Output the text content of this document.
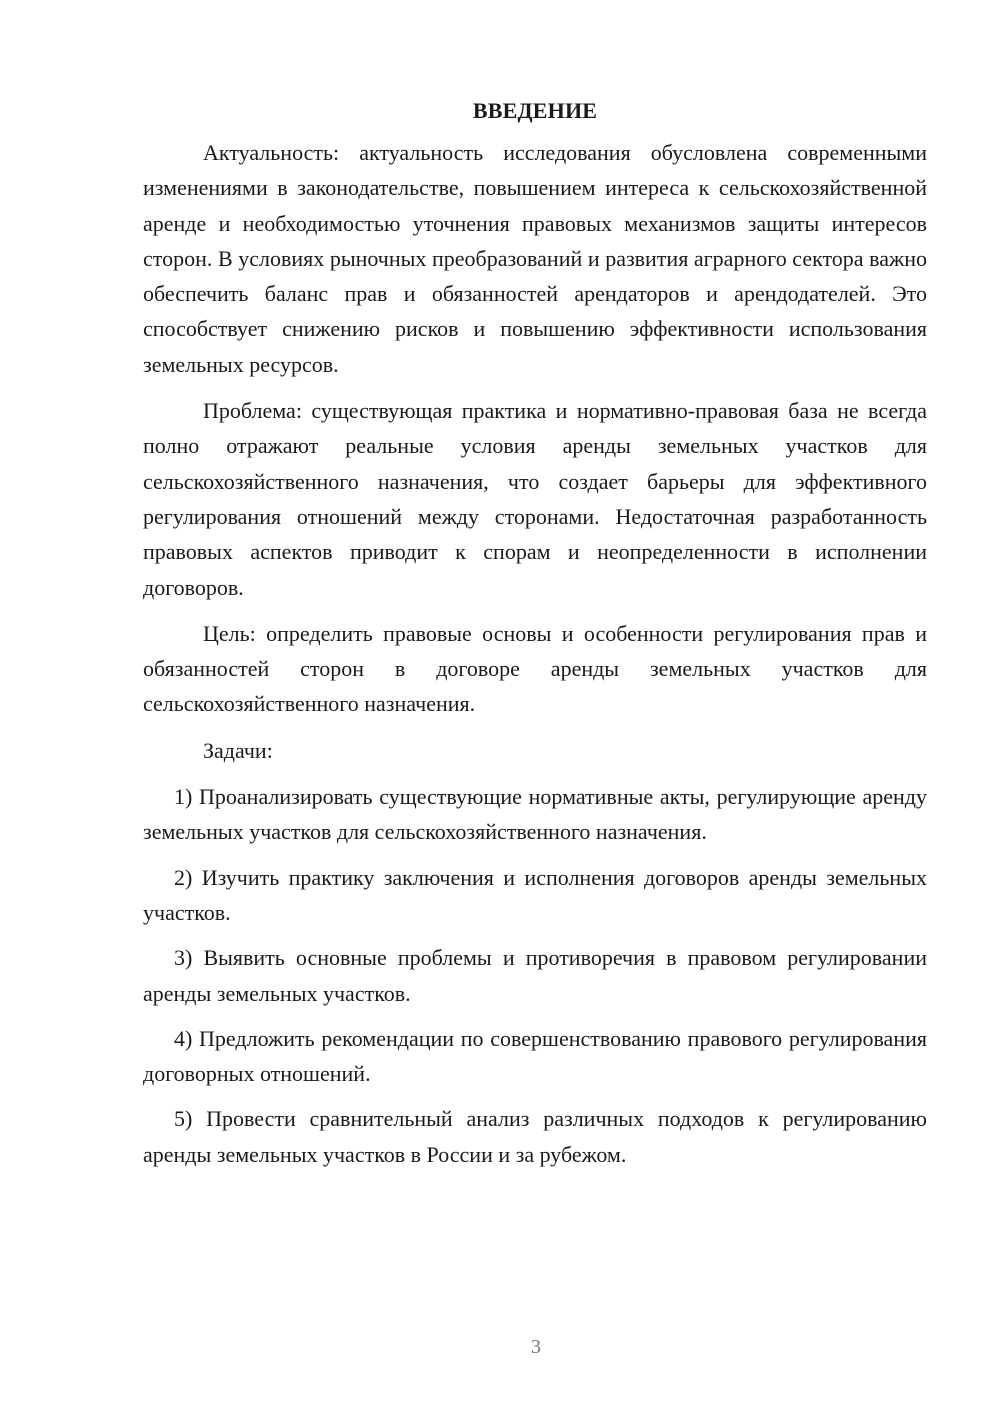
ВВЕДЕНИЕ

Актуальность: актуальность исследования обусловлена современными изменениями в законодательстве, повышением интереса к сельскохозяйственной аренде и необходимостью уточнения правовых механизмов защиты интересов сторон. В условиях рыночных преобразований и развития аграрного сектора важно обеспечить баланс прав и обязанностей арендаторов и арендодателей. Это способствует снижению рисков и повышению эффективности использования земельных ресурсов.

Проблема: существующая практика и нормативно-правовая база не всегда полно отражают реальные условия аренды земельных участков для сельскохозяйственного назначения, что создает барьеры для эффективного регулирования отношений между сторонами. Недостаточная разработанность правовых аспектов приводит к спорам и неопределенности в исполнении договоров.

Цель: определить правовые основы и особенности регулирования прав и обязанностей сторон в договоре аренды земельных участков для сельскохозяйственного назначения.

Задачи:

1) Проанализировать существующие нормативные акты, регулирующие аренду земельных участков для сельскохозяйственного назначения.

2) Изучить практику заключения и исполнения договоров аренды земельных участков.

3) Выявить основные проблемы и противоречия в правовом регулировании аренды земельных участков.

4) Предложить рекомендации по совершенствованию правового регулирования договорных отношений.

5) Провести сравнительный анализ различных подходов к регулированию аренды земельных участков в России и за рубежом.

3
